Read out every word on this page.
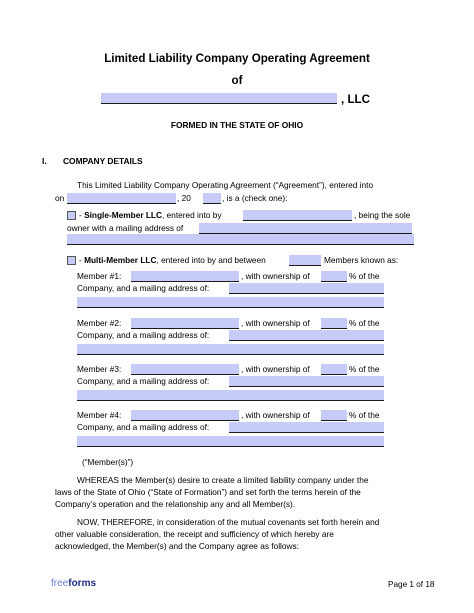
Limited Liability Company Operating Agreement
of
, LLC
FORMED IN THE STATE OF OHIO
I. COMPANY DETAILS
This Limited Liability Company Operating Agreement (“Agreement”), entered into
on	, 20	, is a (check one):
- Single-Member LLC, entered into by	, being the sole
owner with a mailing address of
- Multi-Member LLC, entered into by and between	Members known as:
Member #1:	, with ownership of	% of the
Company, and a mailing address of:
Member #2:	, with ownership of	% of the
Company, and a mailing address of:
Member #3:	, with ownership of	% of the
Company, and a mailing address of:
Member #4:	, with ownership of	% of the
Company, and a mailing address of:
(“Member(s)”)
WHEREAS the Member(s) desire to create a limited liability company under the
laws of the State of Ohio (“State of Formation”) and set forth the terms herein of the
Company’s operation and the relationship any and all Member(s).
NOW, THEREFORE, in consideration of the mutual covenants set forth herein and
other valuable consideration, the receipt and sufficiency of which hereby are
acknowledged, the Member(s) and the Company agree as follows:
freeforms	Page 1 of 18
